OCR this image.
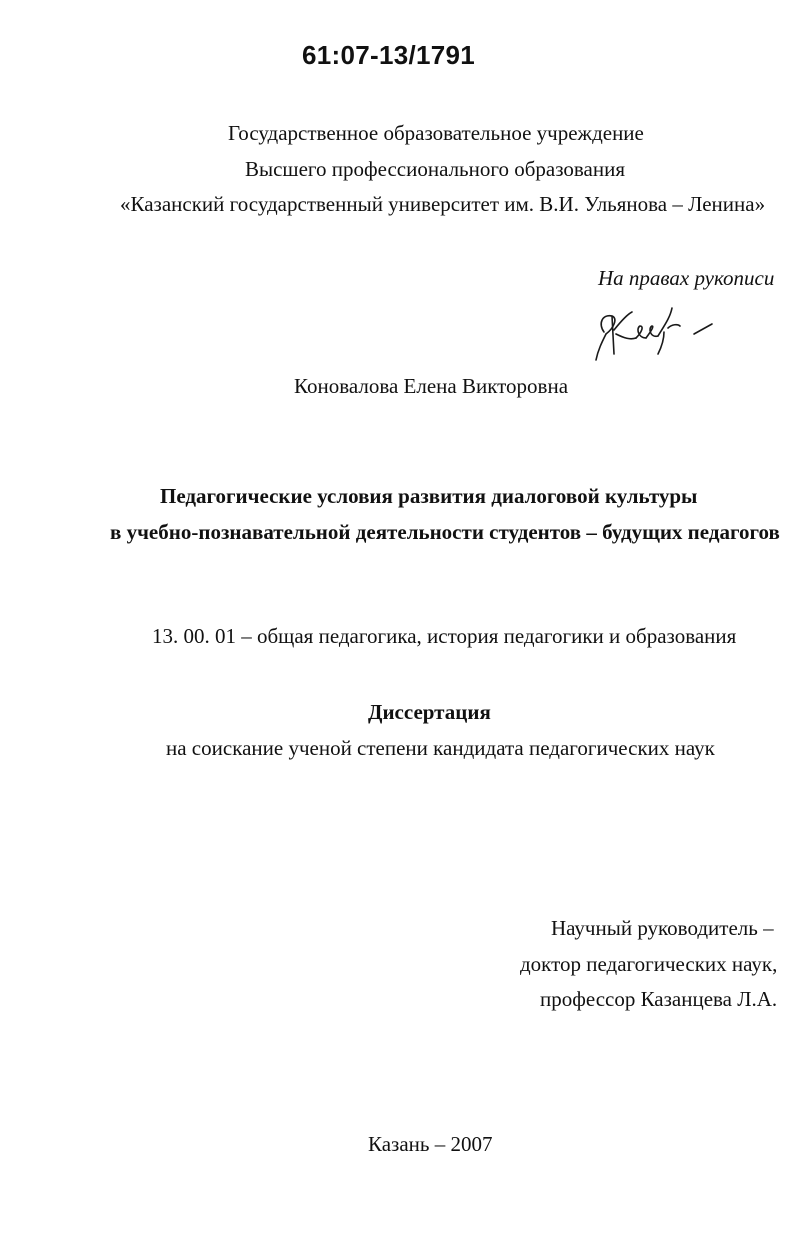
61:07-13/1791
Государственное образовательное учреждение
Высшего профессионального образования
«Казанский государственный университет им. В.И. Ульянова – Ленина»
На правах рукописи
Коновалова Елена Викторовна
Педагогические условия развития диалоговой культуры
в учебно-познавательной деятельности студентов – будущих педагогов
13. 00. 01 – общая педагогика, история педагогики и образования
Диссертация
на соискание ученой степени кандидата педагогических наук
Научный руководитель –
доктор педагогических наук,
профессор Казанцева Л.А.
Казань – 2007
